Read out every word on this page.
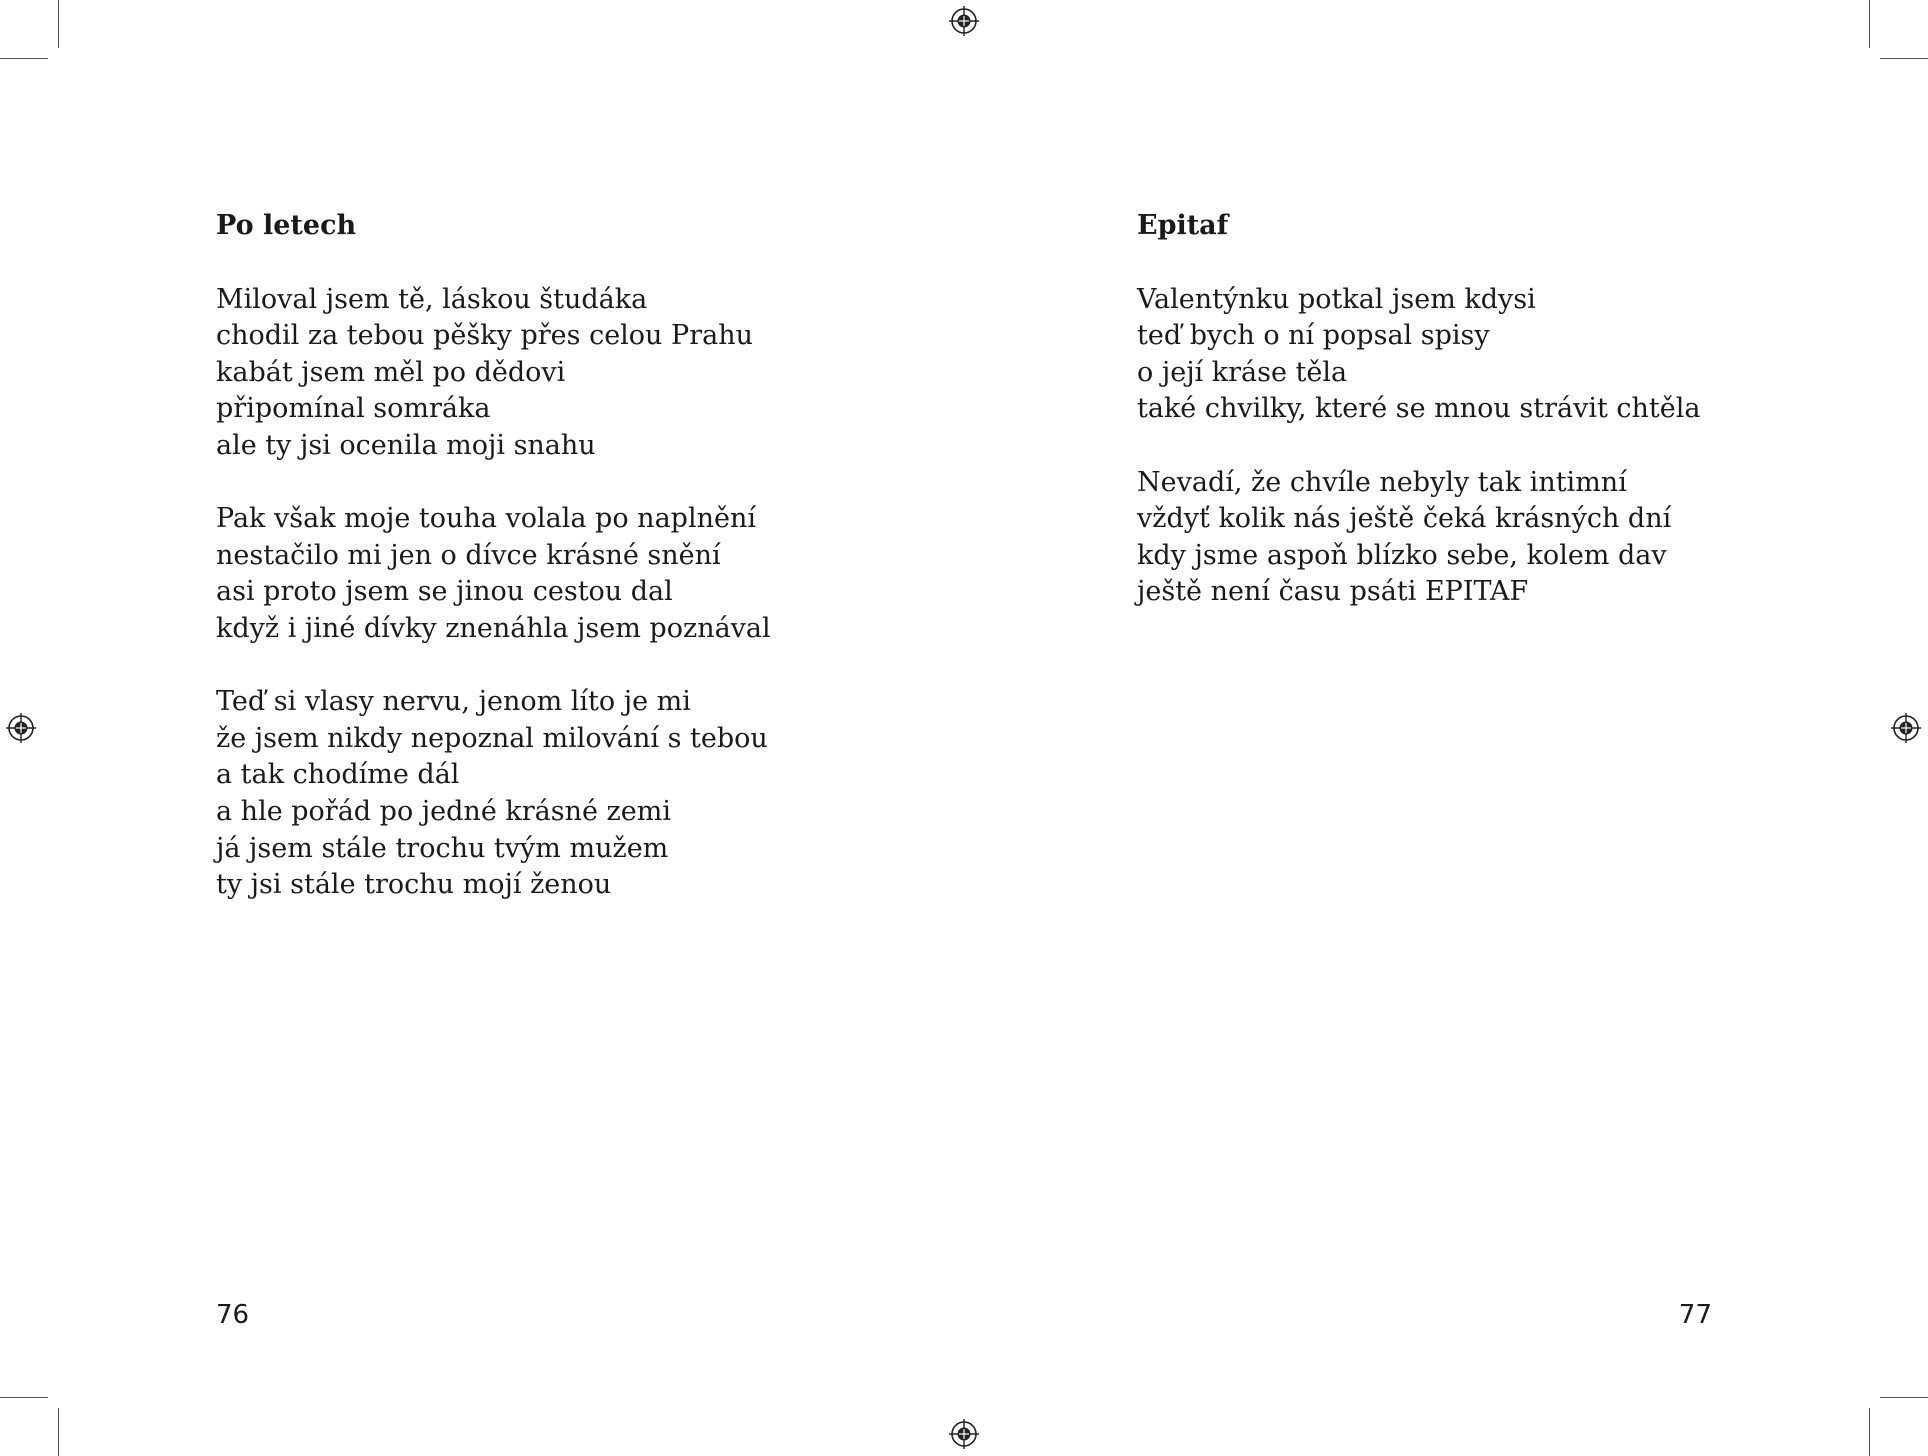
Po letech
Miloval jsem tě, láskou študáka
chodil za tebou pěšky přes celou Prahu
kabát jsem měl po dědovi
připomínal somráka
ale ty jsi ocenila moji snahu
Pak však moje touha volala po naplnění
nestačilo mi jen o dívce krásné snění
asi proto jsem se jinou cestou dal
když i jiné dívky znenáhla jsem poznával
Teď si vlasy nervu, jenom líto je mi
že jsem nikdy nepoznal milování s tebou
a tak chodíme dál
a hle pořád po jedné krásné zemi
já jsem stále trochu tvým mužem
ty jsi stále trochu mojí ženou
76
Epitaf
Valentýnku potkal jsem kdysi
teď bych o ní popsal spisy
o její kráse těla
také chvilky, které se mnou strávit chtěla
Nevadí, že chvíle nebyly tak intimní
vždyť kolik nás ještě čeká krásných dní
kdy jsme aspoň blízko sebe, kolem dav
ještě není času psáti EPITAF
77
